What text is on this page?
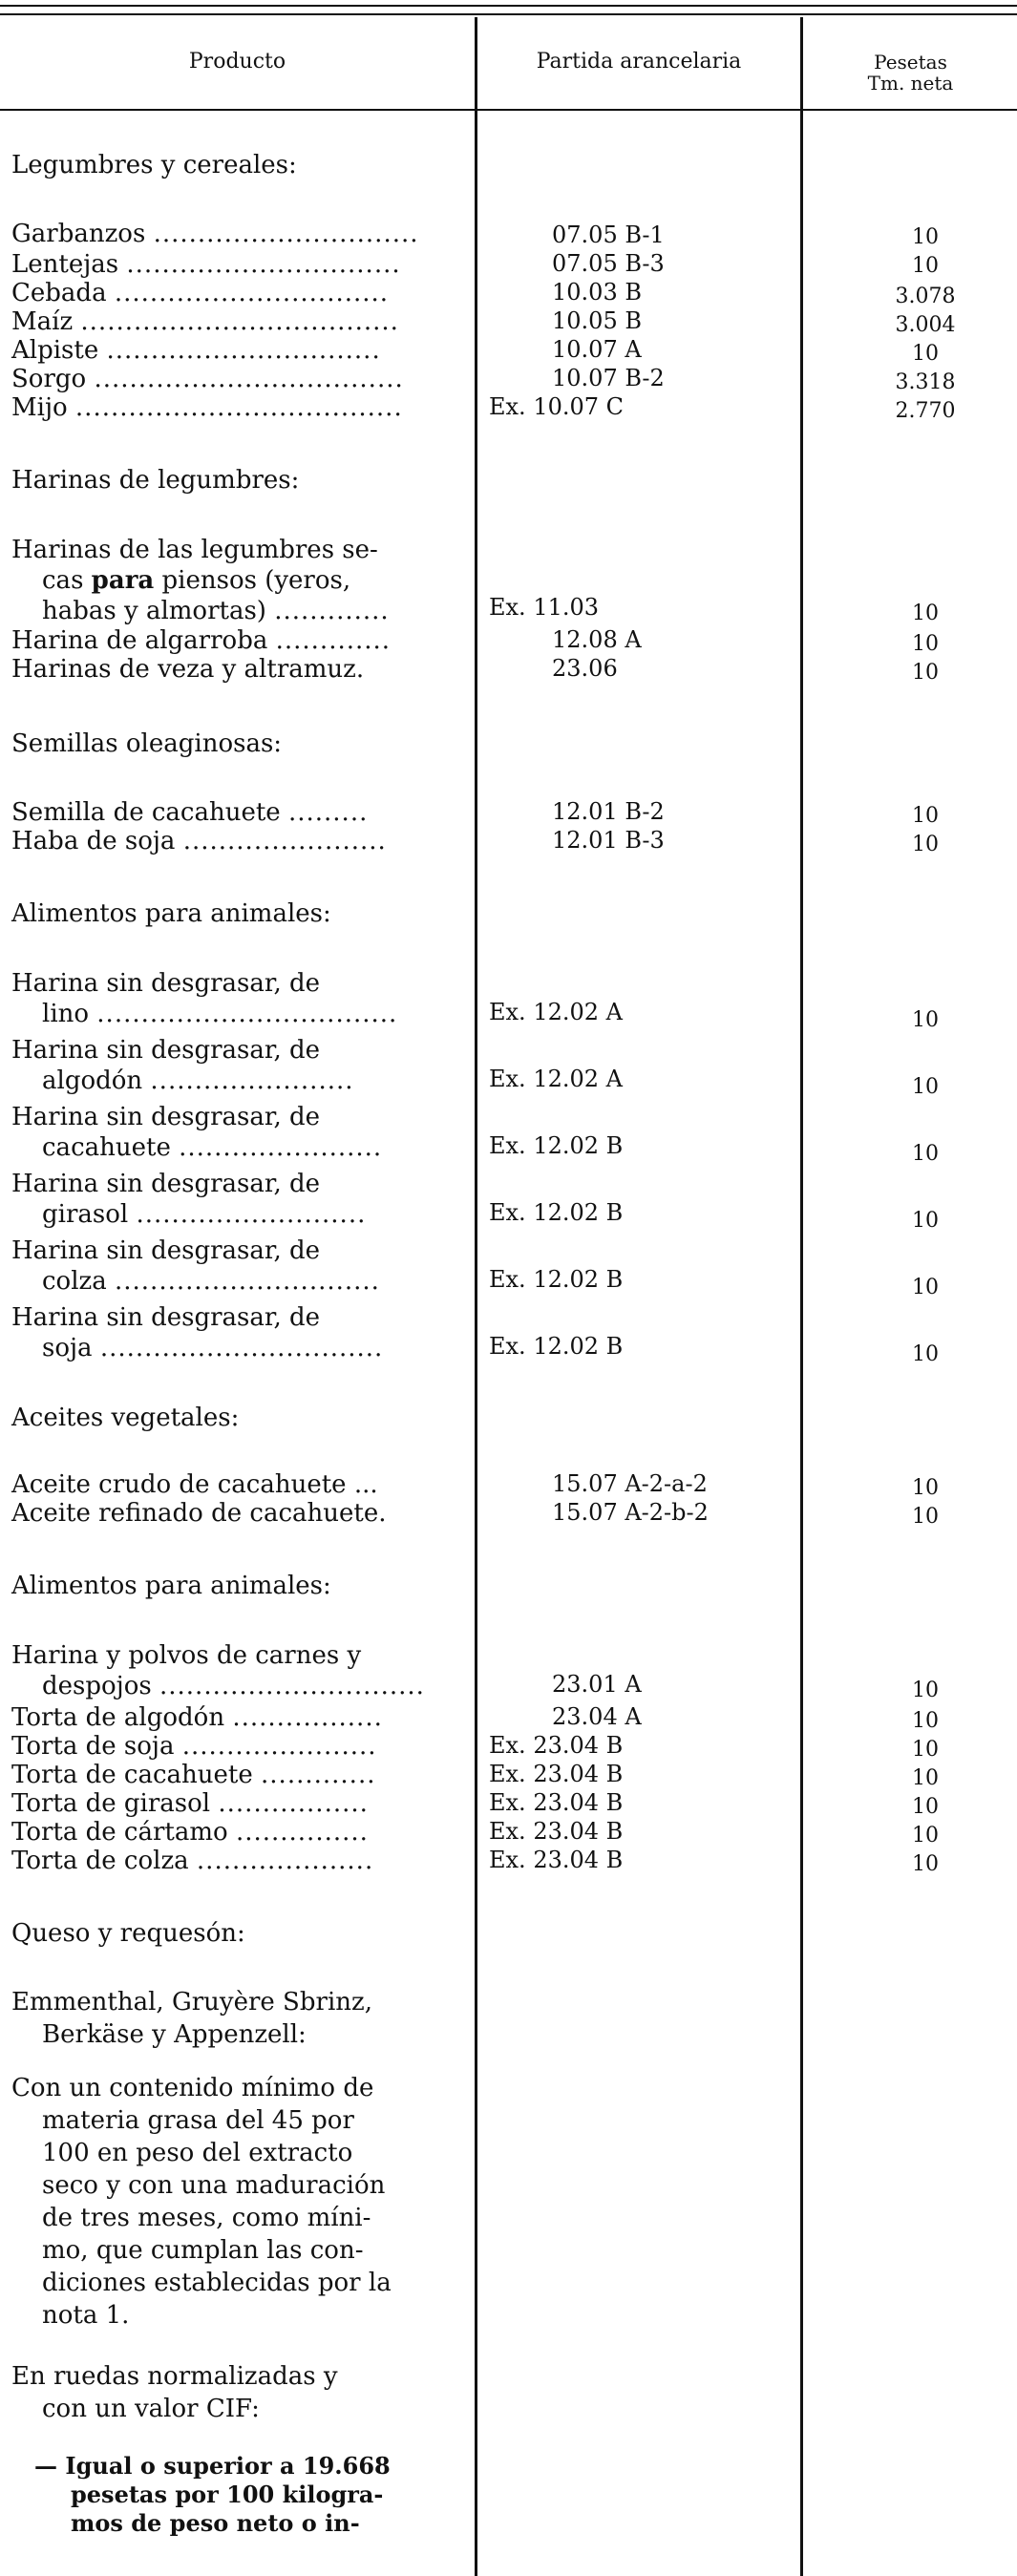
Producto	Partida arancelaria	Pesetas
Tm. neta
Legumbres y cereales:
Garbanzos ..............................	07.05 B-1	10
Lentejas ...............................	07.05 B-3	10
Cebada ...............................	10.03 B	3.078
Maíz ....................................	10.05 B	3.004
Alpiste ...............................	10.07 A	10
Sorgo ...................................	10.07 B-2	3.318
Mijo .....................................	Ex. 10.07 C	2.770
Harinas de legumbres:
Harinas de las legumbres se-
cas para piensos (yeros,
habas y almortas) .............	Ex. 11.03	10
Harina de algarroba .............	12.08 A	10
Harinas de veza y altramuz.	23.06	10
Semillas oleaginosas:
Semilla de cacahuete .........	12.01 B-2	10
Haba de soja .......................	12.01 B-3	10
Alimentos para animales:
Harina sin desgrasar, de
lino ..................................	Ex. 12.02 A	10
Harina sin desgrasar, de
algodón .......................	Ex. 12.02 A	10
Harina sin desgrasar, de
cacahuete .......................	Ex. 12.02 B	10
Harina sin desgrasar, de
girasol ..........................	Ex. 12.02 B	10
Harina sin desgrasar, de
colza ..............................	Ex. 12.02 B	10
Harina sin desgrasar, de
soja ................................	Ex. 12.02 B	10
Aceites vegetales:
Aceite crudo de cacahuete ...	15.07 A-2-a-2	10
Aceite refinado de cacahuete.	15.07 A-2-b-2	10
Alimentos para animales:
Harina y polvos de carnes y
despojos ..............................	23.01 A	10
Torta de algodón .................	23.04 A	10
Torta de soja ......................	Ex. 23.04 B	10
Torta de cacahuete .............	Ex. 23.04 B	10
Torta de girasol .................	Ex. 23.04 B	10
Torta de cártamo ...............	Ex. 23.04 B	10
Torta de colza ....................	Ex. 23.04 B	10
Queso y requesón:
Emmenthal, Gruyère Sbrinz,
Berkäse y Appenzell:
Con un contenido mínimo de
materia grasa del 45 por
100 en peso del extracto
seco y con una maduración
de tres meses, como míni-
mo, que cumplan las con-
diciones establecidas por la
nota 1.
En ruedas normalizadas y
con un valor CIF:
— Igual o superior a 19.668
pesetas por 100 kilogra-
mos de peso neto o in-
